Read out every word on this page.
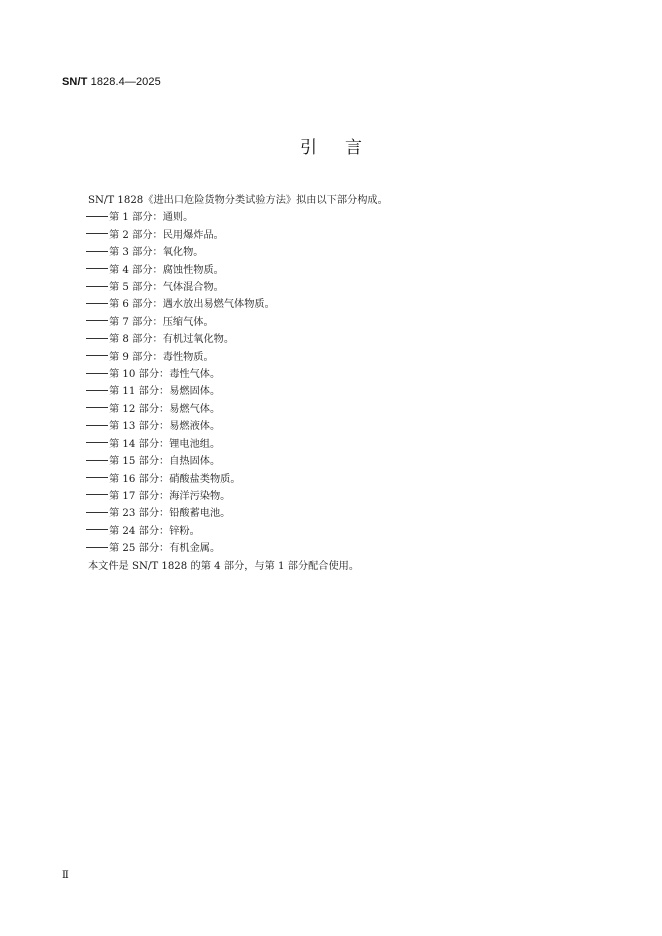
SN/T 1828.4—2025
引言
SN/T 1828《进出口危险货物分类试验方法》拟由以下部分构成。
第 1 部分：通则。
第 2 部分：民用爆炸品。
第 3 部分：氧化物。
第 4 部分：腐蚀性物质。
第 5 部分：气体混合物。
第 6 部分：遇水放出易燃气体物质。
第 7 部分：压缩气体。
第 8 部分：有机过氧化物。
第 9 部分：毒性物质。
第 10 部分：毒性气体。
第 11 部分：易燃固体。
第 12 部分：易燃气体。
第 13 部分：易燃液体。
第 14 部分：锂电池组。
第 15 部分：自热固体。
第 16 部分：硝酸盐类物质。
第 17 部分：海洋污染物。
第 23 部分：铅酸蓄电池。
第 24 部分：锌粉。
第 25 部分：有机金属。
本文件是 SN/T 1828 的第 4 部分，与第 1 部分配合使用。
Ⅱ
